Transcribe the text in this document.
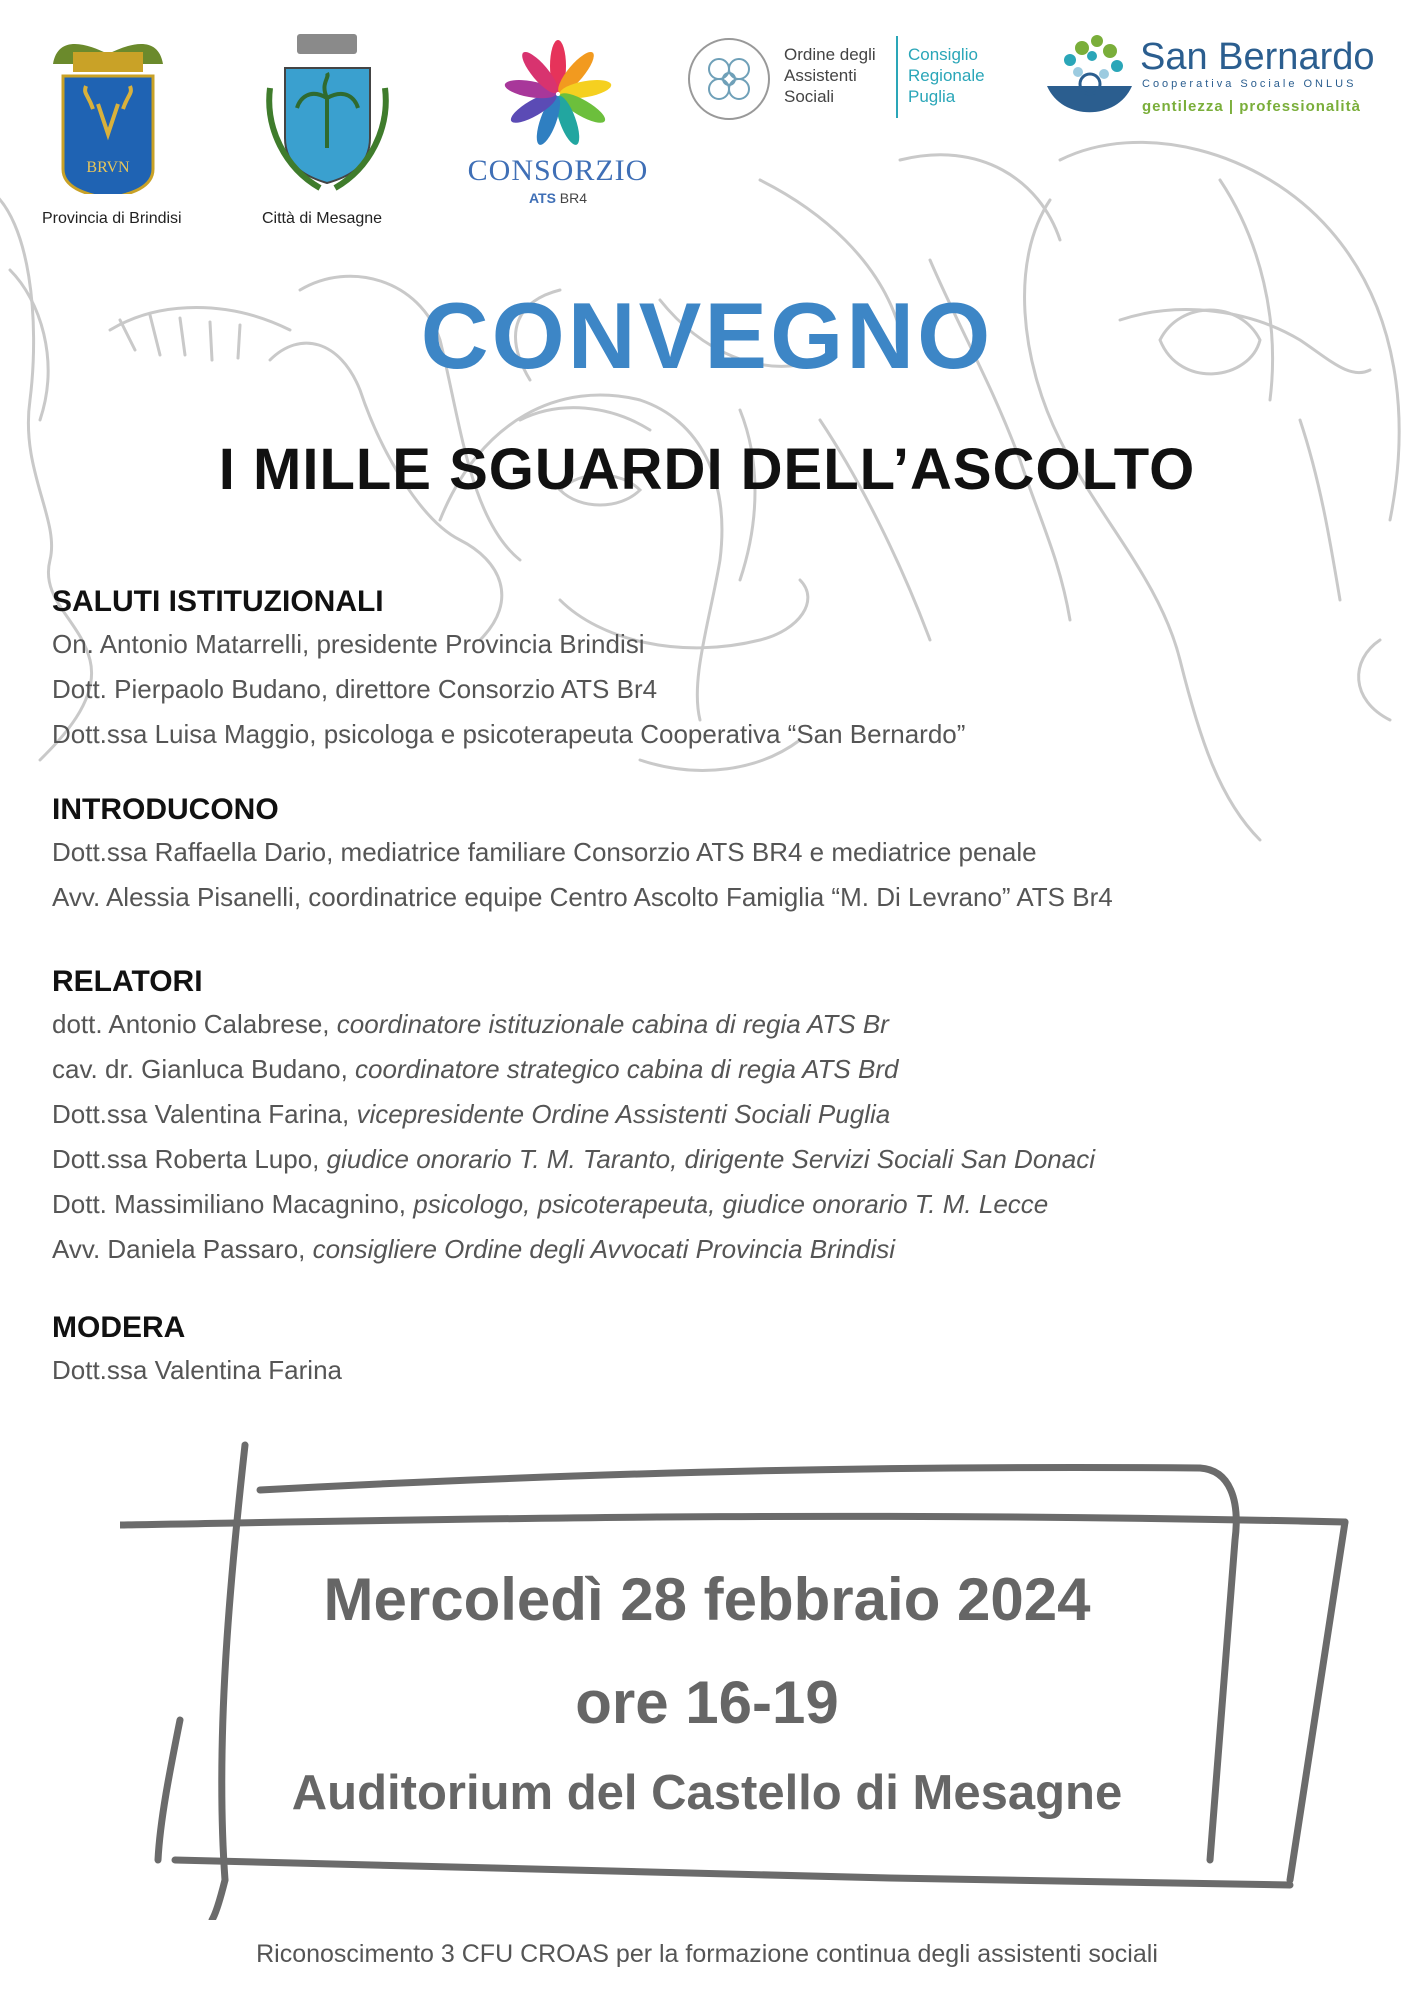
BRVN
Provincia di Brindisi	Città di Mesagne
CONSORZIO
ATS BR4
Ordine degli Assistenti Sociali
Consiglio Regionale Puglia
San Bernardo
Cooperativa Sociale ONLUS
gentilezza | professionalità
CONVEGNO
I MILLE SGUARDI DELL’ASCOLTO
SALUTI ISTITUZIONALI
On. Antonio Matarrelli, presidente Provincia Brindisi
Dott. Pierpaolo Budano, direttore Consorzio ATS Br4
Dott.ssa Luisa Maggio, psicologa e psicoterapeuta Cooperativa “San Bernardo”
INTRODUCONO
Dott.ssa Raffaella Dario, mediatrice familiare Consorzio ATS BR4 e mediatrice penale
Avv. Alessia Pisanelli, coordinatrice equipe Centro Ascolto Famiglia “M. Di Levrano” ATS Br4
RELATORI
dott. Antonio Calabrese, coordinatore istituzionale cabina di regia ATS Br
cav. dr. Gianluca Budano, coordinatore strategico cabina di regia ATS Brd
Dott.ssa Valentina Farina, vicepresidente Ordine Assistenti Sociali Puglia
Dott.ssa Roberta Lupo, giudice onorario T. M. Taranto, dirigente Servizi Sociali San Donaci
Dott. Massimiliano Macagnino, psicologo, psicoterapeuta, giudice onorario T. M. Lecce
Avv. Daniela Passaro, consigliere Ordine degli Avvocati Provincia Brindisi
MODERA
Dott.ssa Valentina Farina
Mercoledì 28 febbraio 2024
ore 16-19
Auditorium del Castello di Mesagne
Riconoscimento 3 CFU CROAS per la formazione continua degli assistenti sociali
